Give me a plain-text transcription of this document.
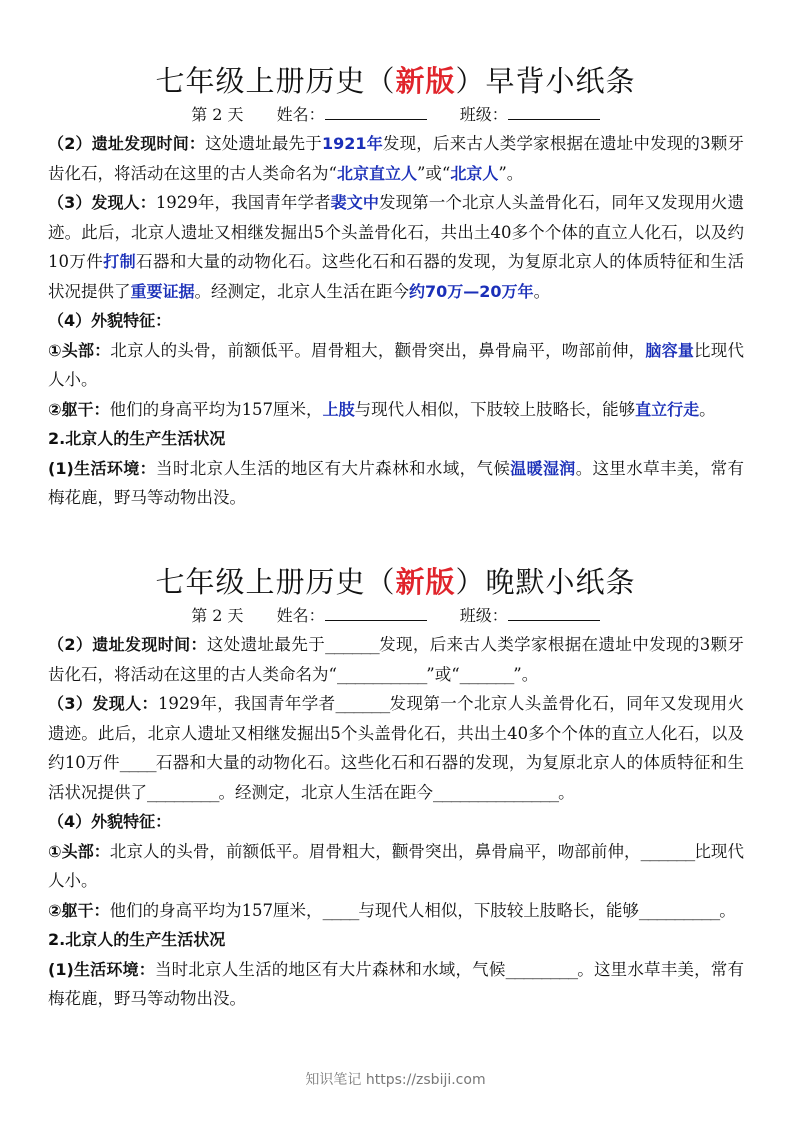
七年级上册历史（新版）早背小纸条
第 2 天 姓名：	班级：

（2）遗址发现时间：这处遗址最先于1921年发现，后来古人类学家根据在遗址中发现的3颗牙齿化石，将活动在这里的古人类命名为“北京直立人”或“北京人”。

（3）发现人：1929年，我国青年学者裴文中发现第一个北京人头盖骨化石，同年又发现用火遗迹。此后，北京人遗址又相继发掘出5个头盖骨化石，共出土40多个个体的直立人化石，以及约10万件打制石器和大量的动物化石。这些化石和石器的发现，为复原北京人的体质特征和生活状况提供了重要证据。经测定，北京人生活在距今约70万—20万年。

（4）外貌特征：

①头部：北京人的头骨，前额低平。眉骨粗大，颧骨突出，鼻骨扁平，吻部前伸，脑容量比现代人小。

②躯干：他们的身高平均为157厘米，上肢与现代人相似，下肢较上肢略长，能够直立行走。

2.北京人的生产生活状况

(1)生活环境：当时北京人生活的地区有大片森林和水域，气候温暖湿润。这里水草丰美，常有梅花鹿，野马等动物出没。

七年级上册历史（新版）晚默小纸条
第 2 天 姓名：	班级：

（2）遗址发现时间：这处遗址最先于______发现，后来古人类学家根据在遗址中发现的3颗牙齿化石，将活动在这里的古人类命名为“__________”或“______”。

（3）发现人：1929年，我国青年学者______发现第一个北京人头盖骨化石，同年又发现用火遗迹。此后，北京人遗址又相继发掘出5个头盖骨化石，共出土40多个个体的直立人化石，以及约10万件____石器和大量的动物化石。这些化石和石器的发现，为复原北京人的体质特征和生活状况提供了________。经测定，北京人生活在距今______________。

（4）外貌特征：

①头部：北京人的头骨，前额低平。眉骨粗大，颧骨突出，鼻骨扁平，吻部前伸，______比现代人小。

②躯干：他们的身高平均为157厘米，____与现代人相似，下肢较上肢略长，能够_________。

2.北京人的生产生活状况

(1)生活环境：当时北京人生活的地区有大片森林和水域，气候________。这里水草丰美，常有梅花鹿，野马等动物出没。

知识笔记 https://zsbiji.com
